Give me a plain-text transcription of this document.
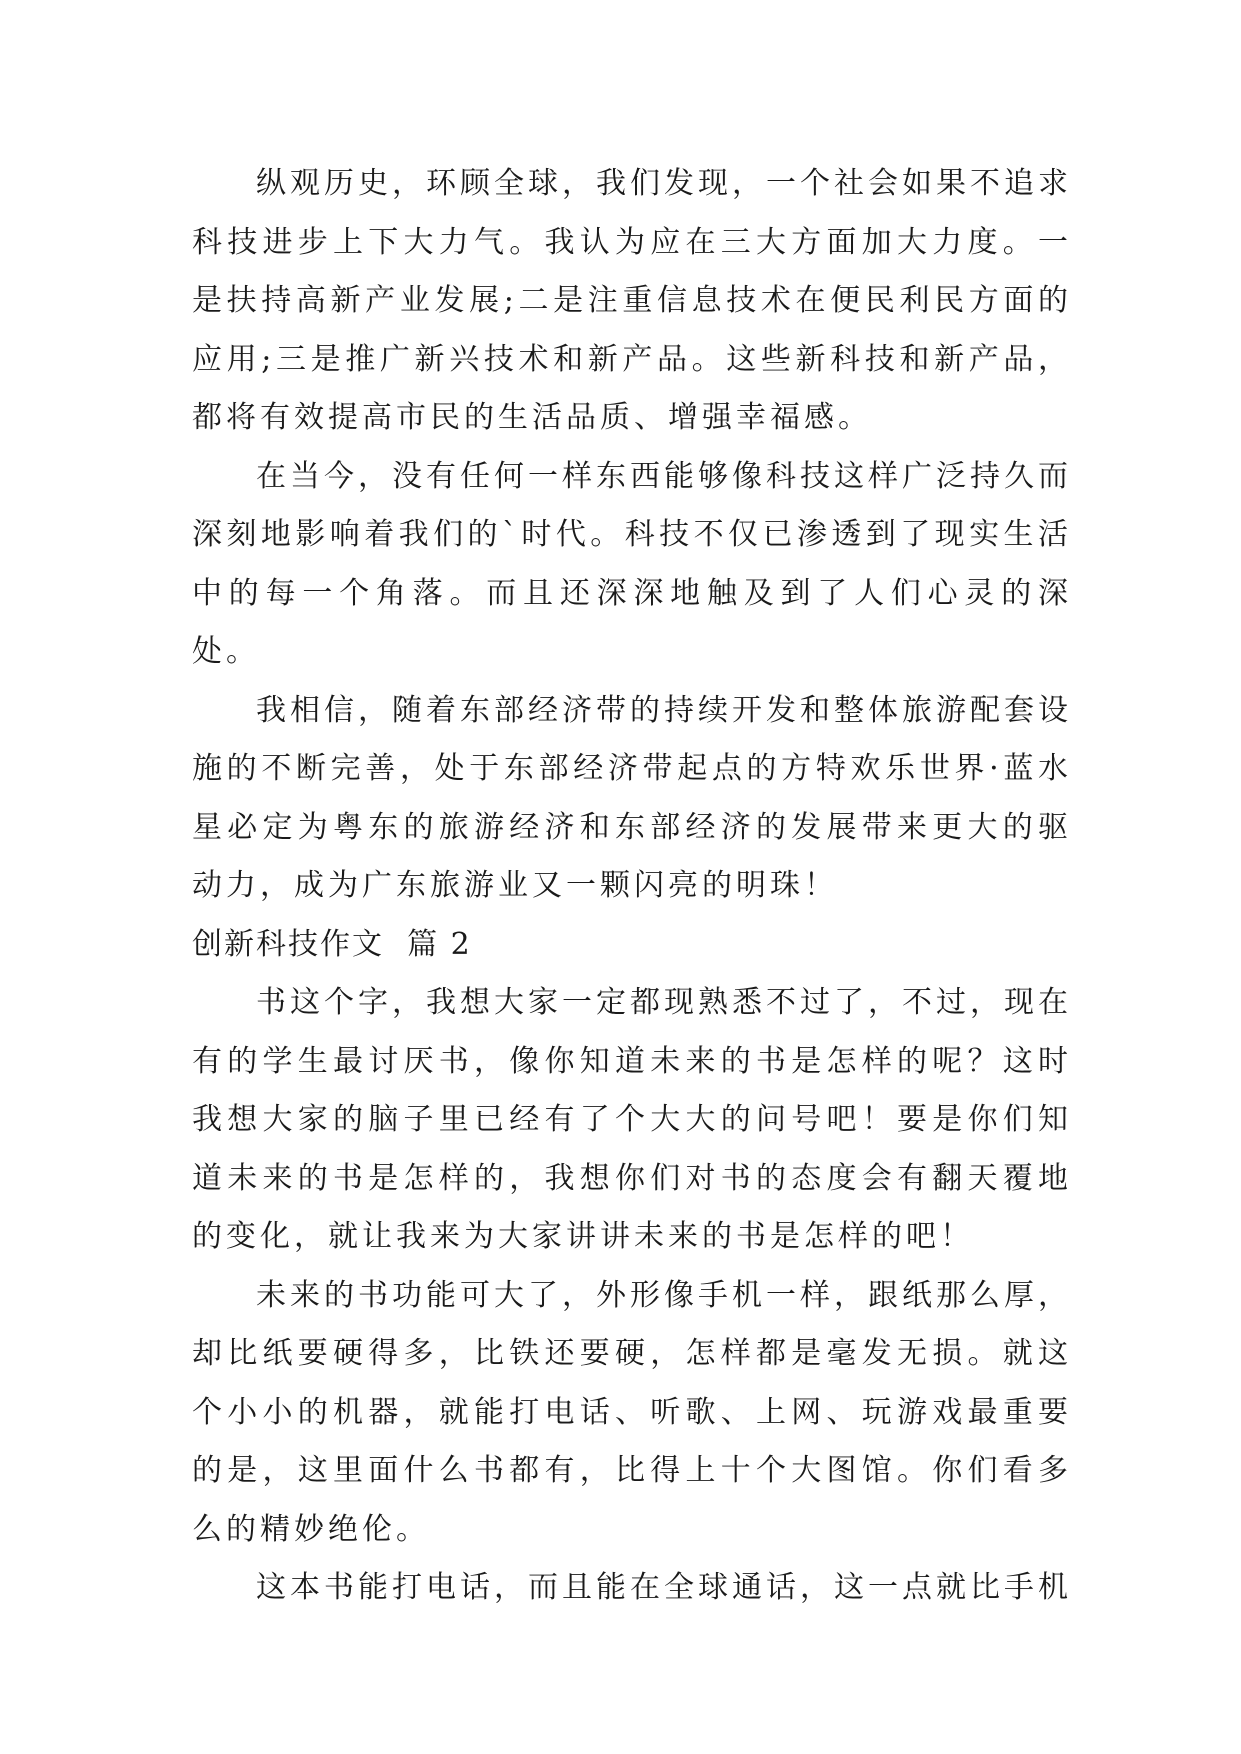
纵观历史，环顾全球，我们发现，一个社会如果不追求科技进步上下大力气。我认为应在三大方面加大力度。一是扶持高新产业发展;二是注重信息技术在便民利民方面的应用;三是推广新兴技术和新产品。这些新科技和新产品，都将有效提高市民的生活品质、增强幸福感。

在当今，没有任何一样东西能够像科技这样广泛持久而深刻地影响着我们的`时代。科技不仅已渗透到了现实生活中的每一个角落。而且还深深地触及到了人们心灵的深处。

我相信，随着东部经济带的持续开发和整体旅游配套设施的不断完善，处于东部经济带起点的方特欢乐世界·蓝水星必定为粤东的旅游经济和东部经济的发展带来更大的驱动力，成为广东旅游业又一颗闪亮的明珠！

创新科技作文  篇 2

书这个字，我想大家一定都现熟悉不过了，不过，现在有的学生最讨厌书，像你知道未来的书是怎样的呢？这时我想大家的脑子里已经有了个大大的问号吧！要是你们知道未来的书是怎样的，我想你们对书的态度会有翻天覆地的变化，就让我来为大家讲讲未来的书是怎样的吧！

未来的书功能可大了，外形像手机一样，跟纸那么厚，却比纸要硬得多，比铁还要硬，怎样都是毫发无损。就这个小小的机器，就能打电话、听歌、上网、玩游戏最重要的是，这里面什么书都有，比得上十个大图馆。你们看多么的精妙绝伦。

这本书能打电话，而且能在全球通话，这一点就比手机
